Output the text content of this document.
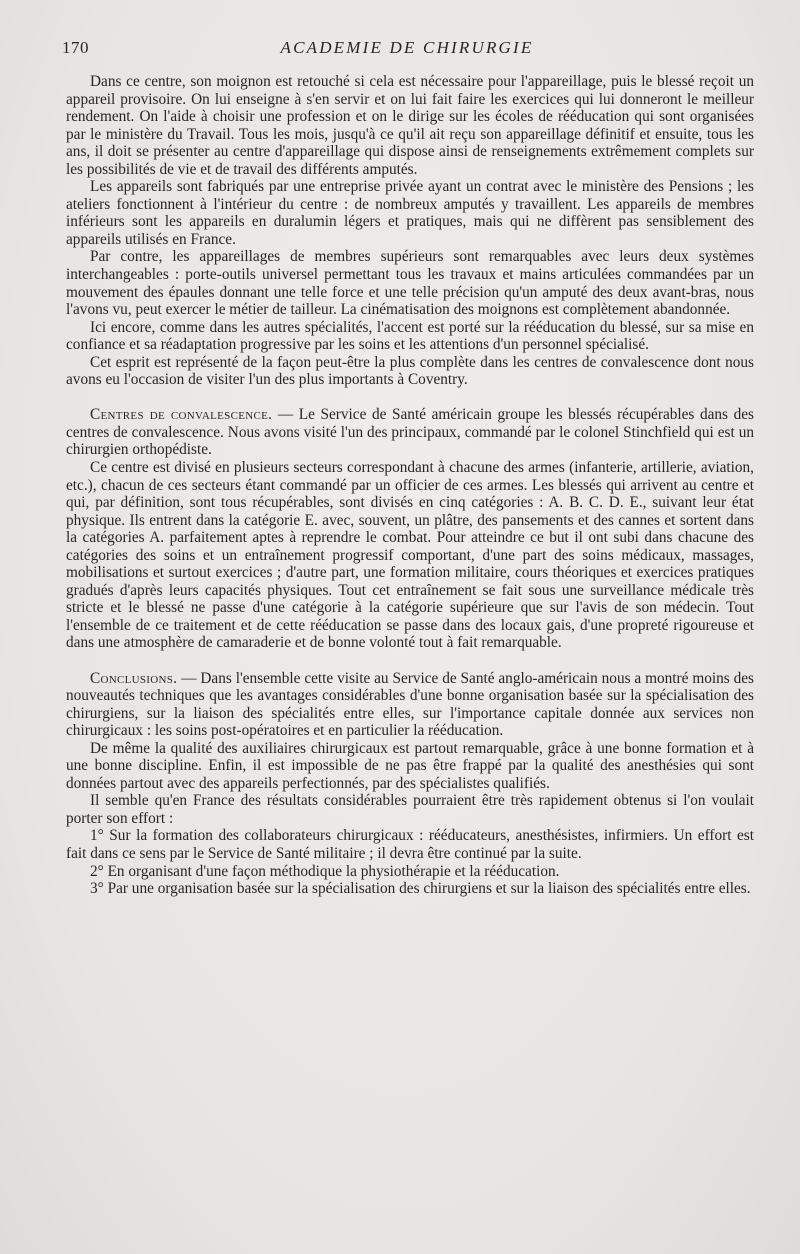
170	ACADEMIE DE CHIRURGIE

Dans ce centre, son moignon est retouché si cela est nécessaire pour l'appareillage, puis le blessé reçoit un appareil provisoire. On lui enseigne à s'en servir et on lui fait faire les exercices qui lui donneront le meilleur rendement. On l'aide à choisir une profession et on le dirige sur les écoles de rééducation qui sont organisées par le ministère du Travail. Tous les mois, jusqu'à ce qu'il ait reçu son appareillage définitif et ensuite, tous les ans, il doit se présenter au centre d'appareillage qui dispose ainsi de renseignements extrêmement complets sur les possibilités de vie et de travail des différents amputés.

Les appareils sont fabriqués par une entreprise privée ayant un contrat avec le ministère des Pensions ; les ateliers fonctionnent à l'intérieur du centre : de nombreux amputés y travaillent. Les appareils de membres inférieurs sont les appareils en duralumin légers et pratiques, mais qui ne diffèrent pas sensiblement des appareils utilisés en France.

Par contre, les appareillages de membres supérieurs sont remarquables avec leurs deux systèmes interchangeables : porte-outils universel permettant tous les travaux et mains articulées commandées par un mouvement des épaules donnant une telle force et une telle précision qu'un amputé des deux avant-bras, nous l'avons vu, peut exercer le métier de tailleur. La cinématisation des moignons est complètement abandonnée.

Ici encore, comme dans les autres spécialités, l'accent est porté sur la rééducation du blessé, sur sa mise en confiance et sa réadaptation progressive par les soins et les attentions d'un personnel spécialisé.

Cet esprit est représenté de la façon peut-être la plus complète dans les centres de convalescence dont nous avons eu l'occasion de visiter l'un des plus importants à Coventry.

Centres de convalescence. — Le Service de Santé américain groupe les blessés récupérables dans des centres de convalescence. Nous avons visité l'un des principaux, commandé par le colonel Stinchfield qui est un chirurgien orthopédiste.

Ce centre est divisé en plusieurs secteurs correspondant à chacune des armes (infanterie, artillerie, aviation, etc.), chacun de ces secteurs étant commandé par un officier de ces armes. Les blessés qui arrivent au centre et qui, par définition, sont tous récupérables, sont divisés en cinq catégories : A. B. C. D. E., suivant leur état physique. Ils entrent dans la catégorie E. avec, souvent, un plâtre, des pansements et des cannes et sortent dans la catégories A. parfaitement aptes à reprendre le combat. Pour atteindre ce but il ont subi dans chacune des catégories des soins et un entraînement progressif comportant, d'une part des soins médicaux, massages, mobilisations et surtout exercices ; d'autre part, une formation militaire, cours théoriques et exercices pratiques gradués d'après leurs capacités physiques. Tout cet entraînement se fait sous une surveillance médicale très stricte et le blessé ne passe d'une catégorie à la catégorie supérieure que sur l'avis de son médecin. Tout l'ensemble de ce traitement et de cette rééducation se passe dans des locaux gais, d'une propreté rigoureuse et dans une atmosphère de camaraderie et de bonne volonté tout à fait remarquable.

Conclusions. — Dans l'ensemble cette visite au Service de Santé anglo-américain nous a montré moins des nouveautés techniques que les avantages considérables d'une bonne organisation basée sur la spécialisation des chirurgiens, sur la liaison des spécialités entre elles, sur l'importance capitale donnée aux services non chirurgicaux : les soins post-opératoires et en particulier la rééducation.

De même la qualité des auxiliaires chirurgicaux est partout remarquable, grâce à une bonne formation et à une bonne discipline. Enfin, il est impossible de ne pas être frappé par la qualité des anesthésies qui sont données partout avec des appareils perfectionnés, par des spécialistes qualifiés.

Il semble qu'en France des résultats considérables pourraient être très rapidement obtenus si l'on voulait porter son effort :

1° Sur la formation des collaborateurs chirurgicaux : rééducateurs, anesthésistes, infirmiers. Un effort est fait dans ce sens par le Service de Santé militaire ; il devra être continué par la suite.

2° En organisant d'une façon méthodique la physiothérapie et la rééducation.

3° Par une organisation basée sur la spécialisation des chirurgiens et sur la liaison des spécialités entre elles.
